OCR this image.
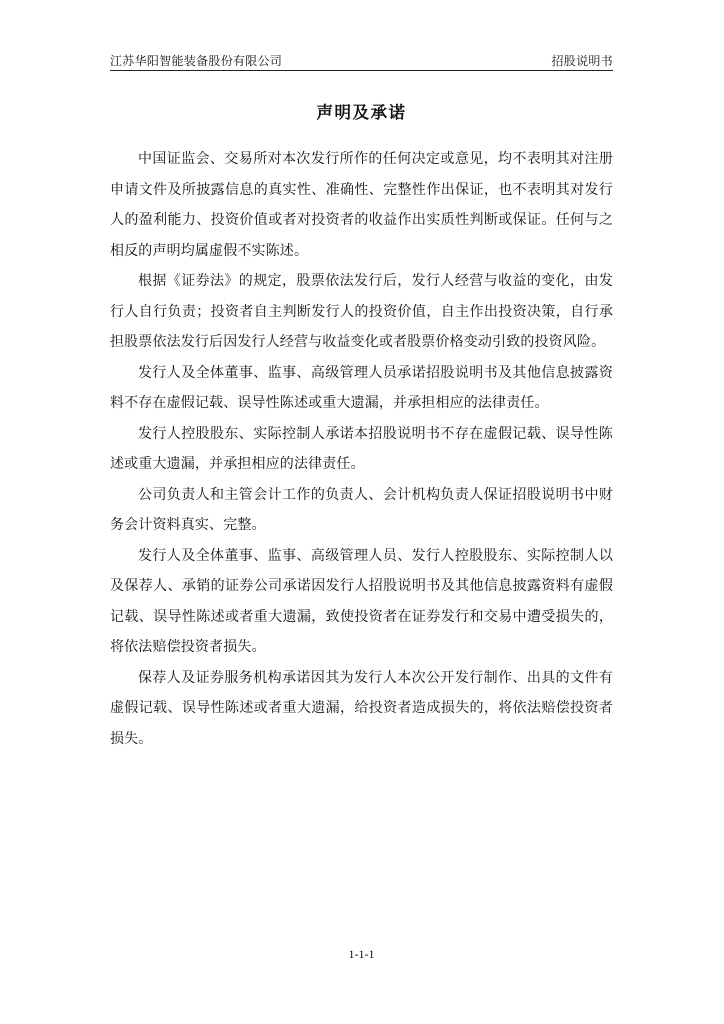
江苏华阳智能装备股份有限公司	招股说明书
声明及承诺

中国证监会、交易所对本次发行所作的任何决定或意见，均不表明其对注册申请文件及所披露信息的真实性、准确性、完整性作出保证，也不表明其对发行人的盈利能力、投资价值或者对投资者的收益作出实质性判断或保证。任何与之相反的声明均属虚假不实陈述。

根据《证券法》的规定，股票依法发行后，发行人经营与收益的变化，由发行人自行负责；投资者自主判断发行人的投资价值，自主作出投资决策，自行承担股票依法发行后因发行人经营与收益变化或者股票价格变动引致的投资风险。

发行人及全体董事、监事、高级管理人员承诺招股说明书及其他信息披露资料不存在虚假记载、误导性陈述或重大遗漏，并承担相应的法律责任。

发行人控股股东、实际控制人承诺本招股说明书不存在虚假记载、误导性陈述或重大遗漏，并承担相应的法律责任。

公司负责人和主管会计工作的负责人、会计机构负责人保证招股说明书中财务会计资料真实、完整。

发行人及全体董事、监事、高级管理人员、发行人控股股东、实际控制人以及保荐人、承销的证券公司承诺因发行人招股说明书及其他信息披露资料有虚假记载、误导性陈述或者重大遗漏，致使投资者在证券发行和交易中遭受损失的，将依法赔偿投资者损失。

保荐人及证券服务机构承诺因其为发行人本次公开发行制作、出具的文件有虚假记载、误导性陈述或者重大遗漏，给投资者造成损失的，将依法赔偿投资者损失。

1-1-1
